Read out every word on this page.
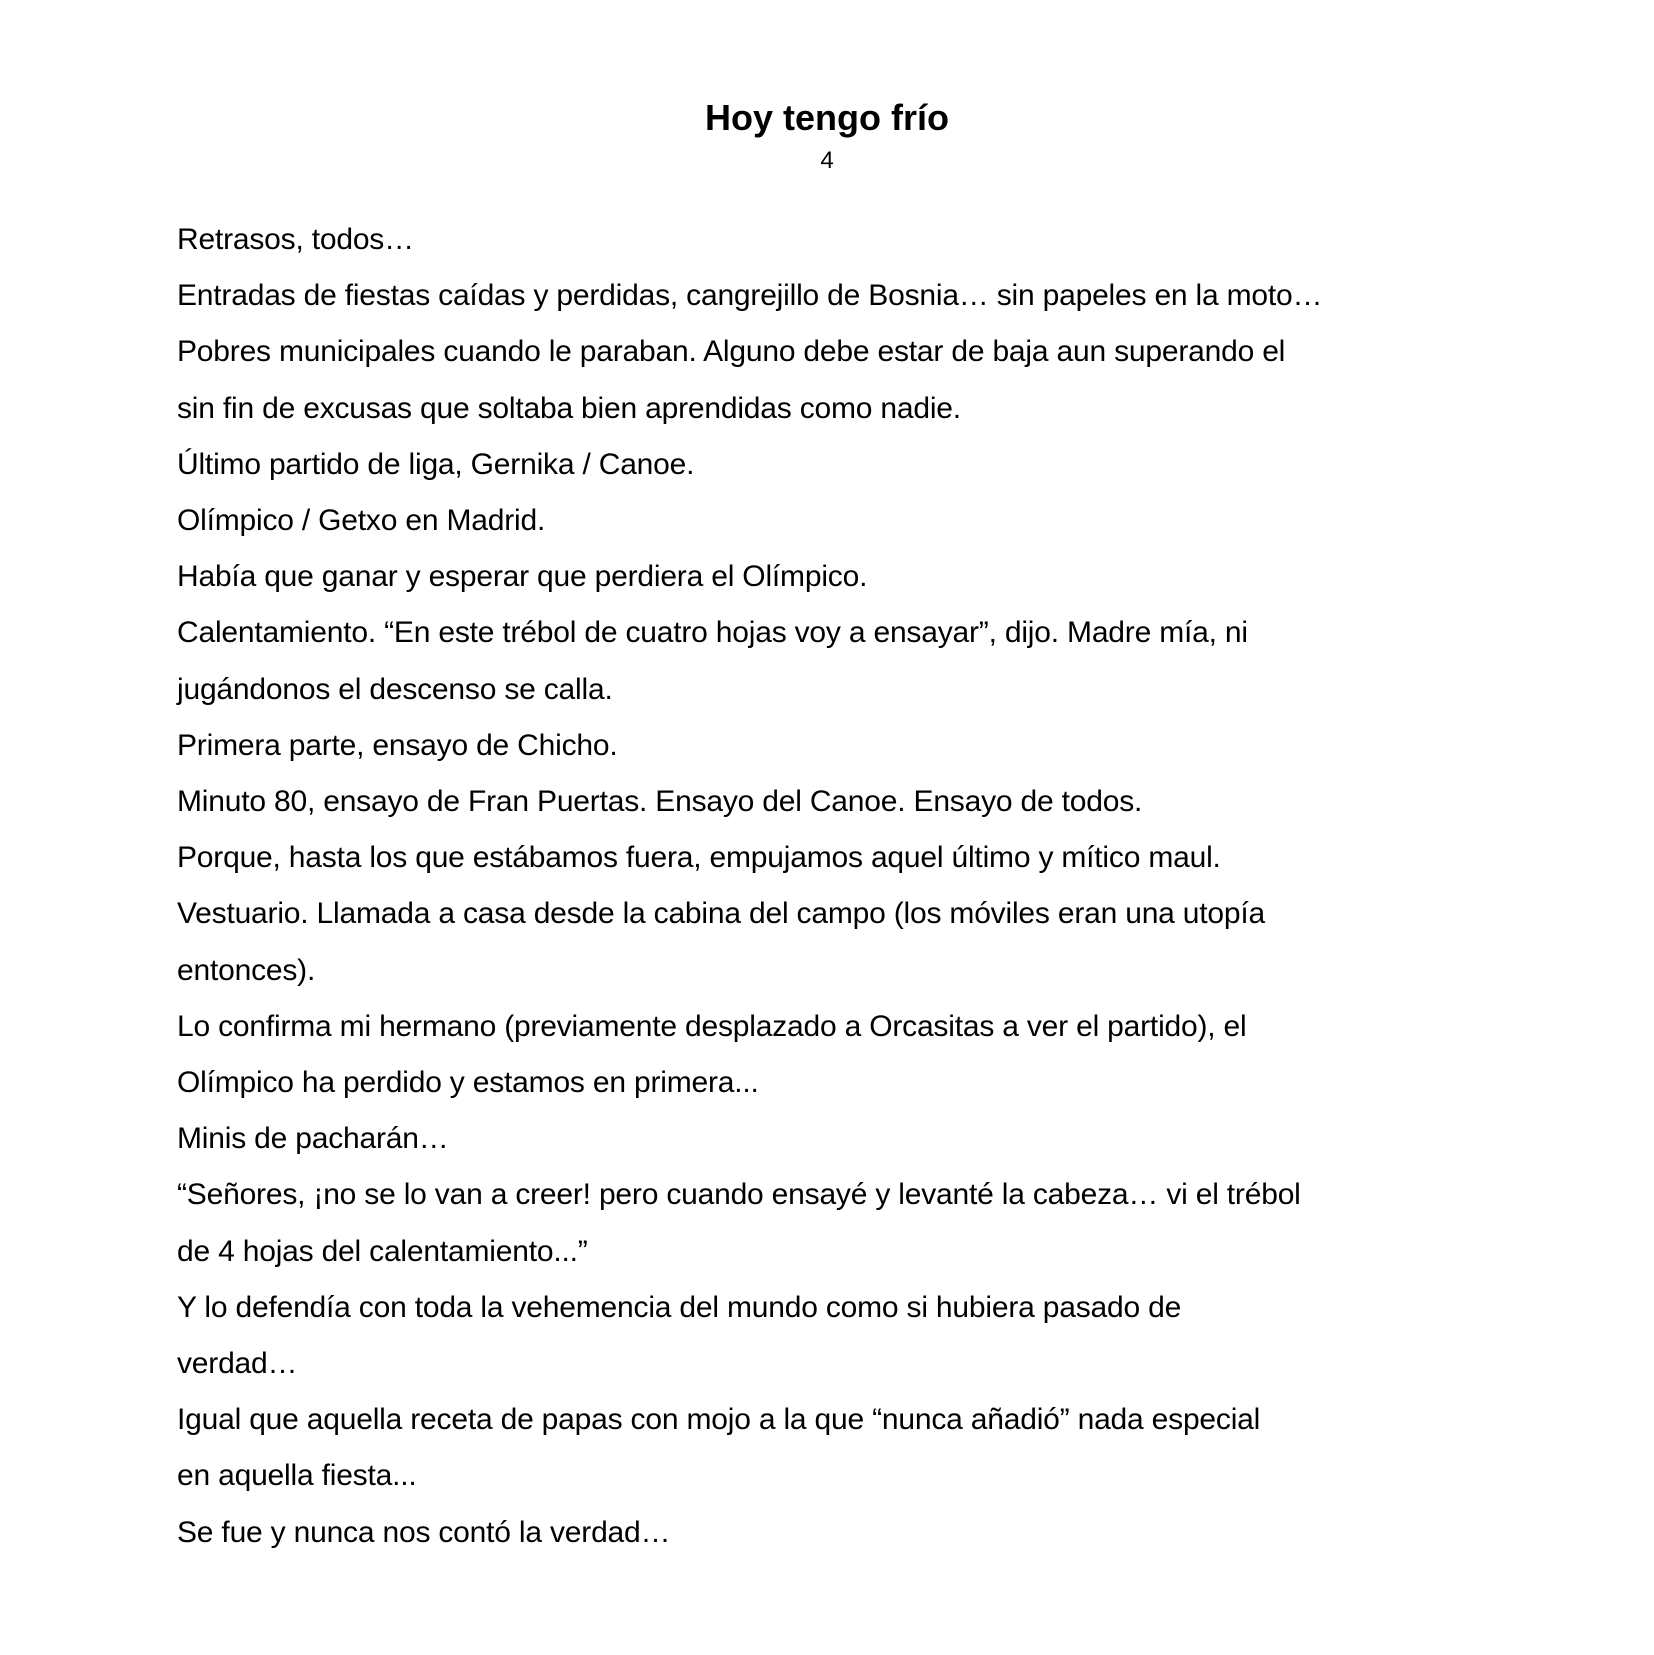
Hoy tengo frío
4

Retrasos, todos…

Entradas de fiestas caídas y perdidas, cangrejillo de Bosnia… sin papeles en la moto…

Pobres municipales cuando le paraban. Alguno debe estar de baja aun superando el

sin fin de excusas que soltaba bien aprendidas como nadie.

Último partido de liga, Gernika / Canoe.

Olímpico / Getxo en Madrid.

Había que ganar y esperar que perdiera el Olímpico.

Calentamiento. “En este trébol de cuatro hojas voy a ensayar”, dijo. Madre mía, ni

jugándonos el descenso se calla.

Primera parte, ensayo de Chicho.

Minuto 80, ensayo de Fran Puertas. Ensayo del Canoe. Ensayo de todos.

Porque, hasta los que estábamos fuera, empujamos aquel último y mítico maul.

Vestuario. Llamada a casa desde la cabina del campo (los móviles eran una utopía

entonces).

Lo confirma mi hermano (previamente desplazado a Orcasitas a ver el partido), el

Olímpico ha perdido y estamos en primera...

Minis de pacharán…

“Señores, ¡no se lo van a creer! pero cuando ensayé y levanté la cabeza… vi el trébol

de 4 hojas del calentamiento...”

Y lo defendía con toda la vehemencia del mundo como si hubiera pasado de

verdad…

Igual que aquella receta de papas con mojo a la que “nunca añadió” nada especial

en aquella fiesta...

Se fue y nunca nos contó la verdad…
